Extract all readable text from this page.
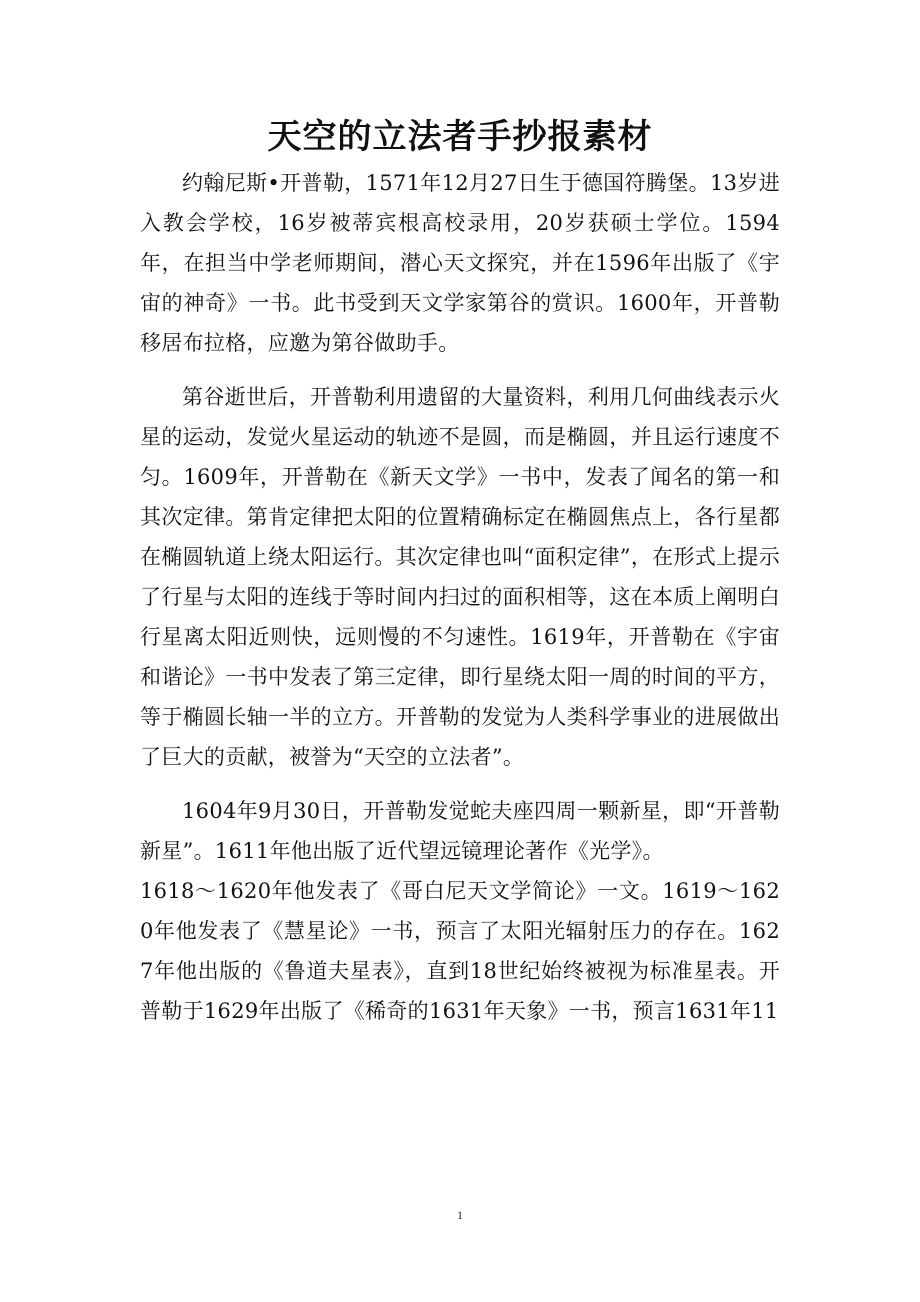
天空的立法者手抄报素材

约翰尼斯•开普勒，1571年12月27日生于德国符腾堡。13岁进入教会学校，16岁被蒂宾根高校录用，20岁获硕士学位。1594年，在担当中学老师期间，潜心天文探究，并在1596年出版了《宇宙的神奇》一书。此书受到天文学家第谷的赏识。1600年，开普勒移居布拉格，应邀为第谷做助手。

第谷逝世后，开普勒利用遗留的大量资料，利用几何曲线表示火星的运动，发觉火星运动的轨迹不是圆，而是椭圆，并且运行速度不匀。1609年，开普勒在《新天文学》一书中，发表了闻名的第一和其次定律。第肯定律把太阳的位置精确标定在椭圆焦点上，各行星都在椭圆轨道上绕太阳运行。其次定律也叫“面积定律”，在形式上提示了行星与太阳的连线于等时间内扫过的面积相等，这在本质上阐明白行星离太阳近则快，远则慢的不匀速性。1619年，开普勒在《宇宙和谐论》一书中发表了第三定律，即行星绕太阳一周的时间的平方，等于椭圆长轴一半的立方。开普勒的发觉为人类科学事业的进展做出了巨大的贡献，被誉为“天空的立法者”。

1604年9月30日，开普勒发觉蛇夫座四周一颗新星，即“开普勒新星”。1611年他出版了近代望远镜理论著作《光学》。

1618～1620年他发表了《哥白尼天文学简论》一文。1619～1620年他发表了《慧星论》一书，预言了太阳光辐射压力的存在。1627年他出版的《鲁道夫星表》，直到18世纪始终被视为标准星表。开普勒于1629年出版了《稀奇的1631年天象》一书，预言1631年11

1
